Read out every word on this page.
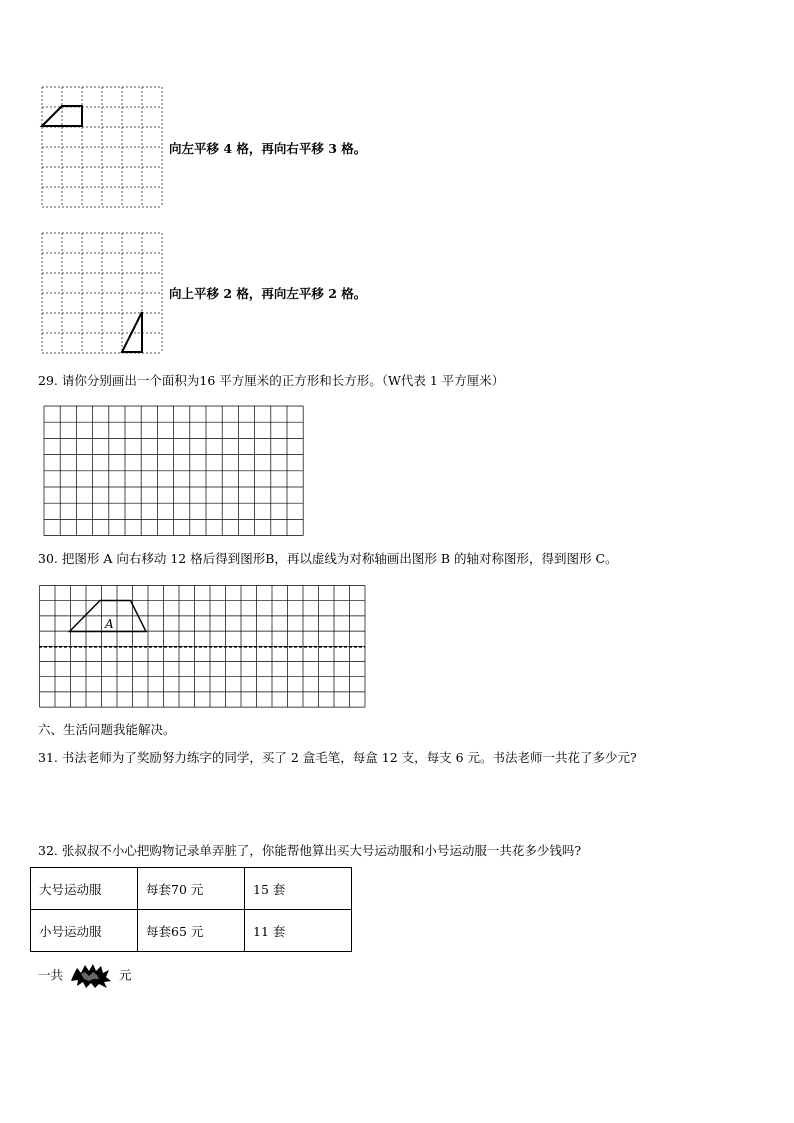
向左平移 4 格，再向右平移 3 格。
向上平移 2 格，再向左平移 2 格。
29. 请你分别画出一个面积为16 平方厘米的正方形和长方形。（W代表 1 平方厘米）
30. 把图形 A 向右移动 12 格后得到图形B，再以虚线为对称轴画出图形 B 的轴对称图形，得到图形 C。
A
六、生活问题我能解决。
31. 书法老师为了奖励努力练字的同学，买了 2 盒毛笔，每盒 12 支，每支 6 元。书法老师一共花了多少元?
32. 张叔叔不小心把购物记录单弄脏了，你能帮他算出买大号运动服和小号运动服一共花多少钱吗?
大号运动服	每套70 元	15 套
小号运动服	每套65 元	11 套
一共	元
